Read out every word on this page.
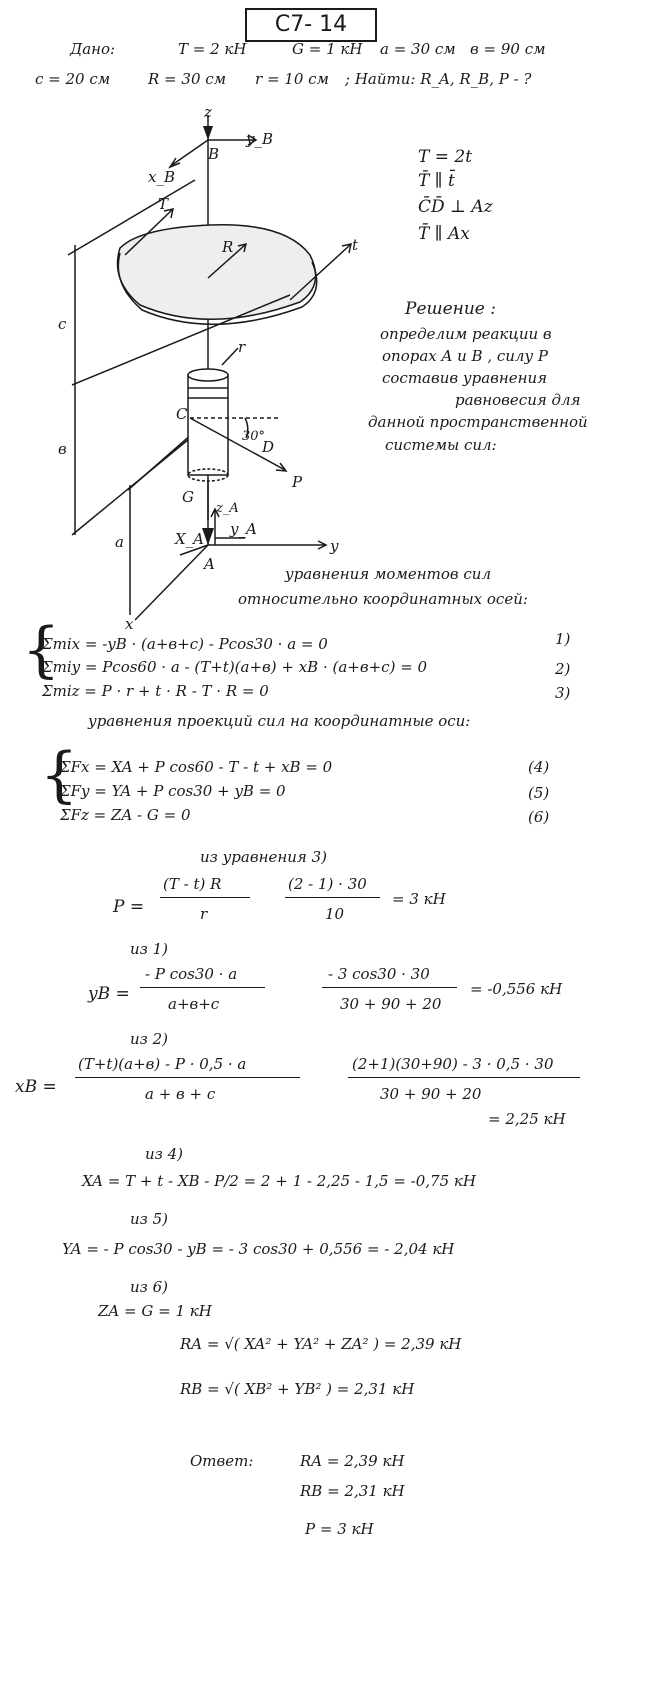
C7- 14
Дано:	T = 2 кН	G = 1 кН a = 30 см в = 90 см
c = 20 см	R = 30 см r = 10 см ; Найти: R_A, R_B, P - ?
z
B
y_B
x_B
T
R	t
c
r
C
30°
D
в
P
G
z_A
y_A
X_A	y
a
A
x
T = 2t
T̄ ∥ t̄
C̄D̄ ⊥ Az
T̄ ∥ Ax
Решение :
определим реакции в
опорах A и B , силу P
составив уравнения
равновесия для
данной пространственной
системы сил:
уравнения моментов сил
относительно координатных осей:
{
Σmix = -yB · (a+в+c) - Pcos30 · a = 0	1)
Σmiy = Pcos60 · a - (T+t)(a+в) + xB · (a+в+c) = 0	2)
Σmiz = P · r + t · R - T · R = 0	3)
уравнения проекций сил на координатные оси:
{
ΣFx = XA + P cos60 - T - t + xB = 0	(4)
ΣFy = YA + P cos30 + yB = 0	(5)
ΣFz = ZA - G = 0	(6)
из уравнения 3)
P =
(T - t) R
r
(2 - 1) · 30
10
= 3 кН
из 1)
yB =
- P cos30 · a
a+в+c
- 3 cos30 · 30
30 + 90 + 20
= -0,556 кН
из 2)
xB =
(T+t)(a+в) - P · 0,5 · a
a + в + c
(2+1)(30+90) - 3 · 0,5 · 30
30 + 90 + 20
= 2,25 кН
из 4)
XA = T + t - XB - P/2 = 2 + 1 - 2,25 - 1,5 = -0,75 кН
из 5)
YA = - P cos30 - yB = - 3 cos30 + 0,556 = - 2,04 кН
из 6)
ZA = G = 1 кН
RA = √( XA² + YA² + ZA² ) = 2,39 кН
RB = √( XB² + YB² ) = 2,31 кН
Ответ:	RA = 2,39 кН
RB = 2,31 кН
P = 3 кН
